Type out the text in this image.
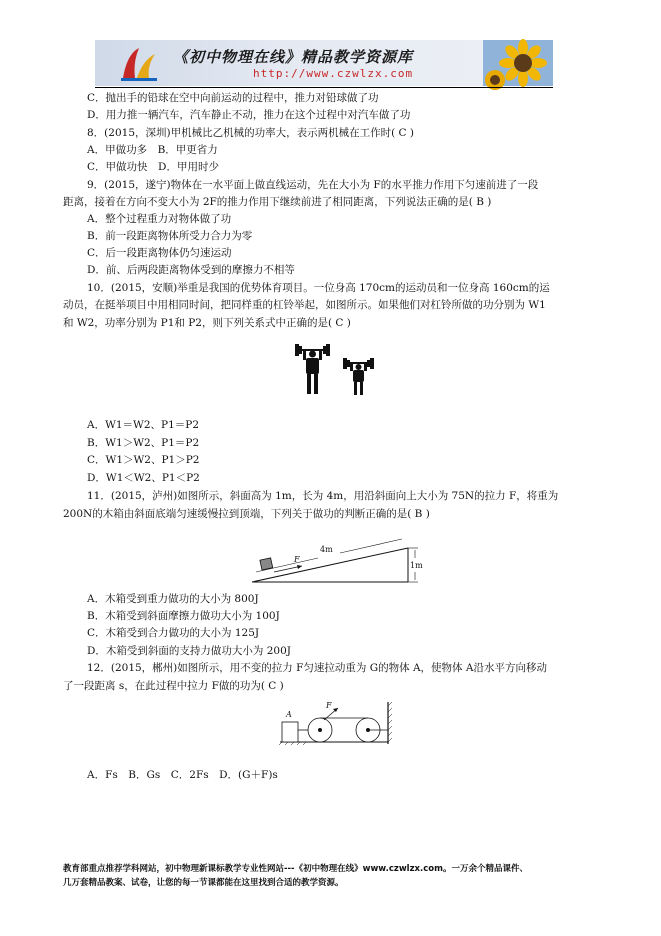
《初中物理在线》精品教学资源库
http://www.czwlzx.com
C．抛出手的铅球在空中向前运动的过程中，推力对铅球做了功
D．用力推一辆汽车，汽车静止不动，推力在这个过程中对汽车做了功
8．(2015，深圳)甲机械比乙机械的功率大，表示两机械在工作时( C )
A．甲做功多　B．甲更省力
C．甲做功快　D．甲用时少
9．(2015，遂宁)物体在一水平面上做直线运动，先在大小为 F的水平推力作用下匀速前进了一段
距离，接着在方向不变大小为 2F的推力作用下继续前进了相同距离，下列说法正确的是( B )
A．整个过程重力对物体做了功
B．前一段距离物体所受力合力为零
C．后一段距离物体仍匀速运动
D．前、后两段距离物体受到的摩擦力不相等
10．(2015，安顺)举重是我国的优势体育项目。一位身高 170cm的运动员和一位身高 160cm的运
动员，在挺举项目中用相同时间，把同样重的杠铃举起，如图所示。如果他们对杠铃所做的功分别为 W1
和 W2，功率分别为 P1和 P2，则下列关系式中正确的是( C )
A．W1＝W2、P1＝P2
B．W1＞W2、P1＝P2
C．W1＞W2、P1＞P2
D．W1＜W2、P1＜P2
11．(2015，泸州)如图所示，斜面高为 1m，长为 4m，用沿斜面向上大小为 75N的拉力 F，将重为
200N的木箱由斜面底端匀速缓慢拉到顶端，下列关于做功的判断正确的是( B )
1m
4m
F
A．木箱受到重力做功的大小为 800J
B．木箱受到斜面摩擦力做功大小为 100J
C．木箱受到合力做功的大小为 125J
D．木箱受到斜面的支持力做功大小为 200J
12．(2015，郴州)如图所示，用不变的拉力 F匀速拉动重为 G的物体 A，使物体 A沿水平方向移动
了一段距离 s，在此过程中拉力 F做的功为( C )
A
F
A．Fs　B．Gs　C．2Fs　D．(G＋F)s
教育部重点推荐学科网站，初中物理新课标教学专业性网站---《初中物理在线》www.czwlzx.com。一万余个精品课件、
几万套精品教案、试卷，让您的每一节课都能在这里找到合适的教学资源。
